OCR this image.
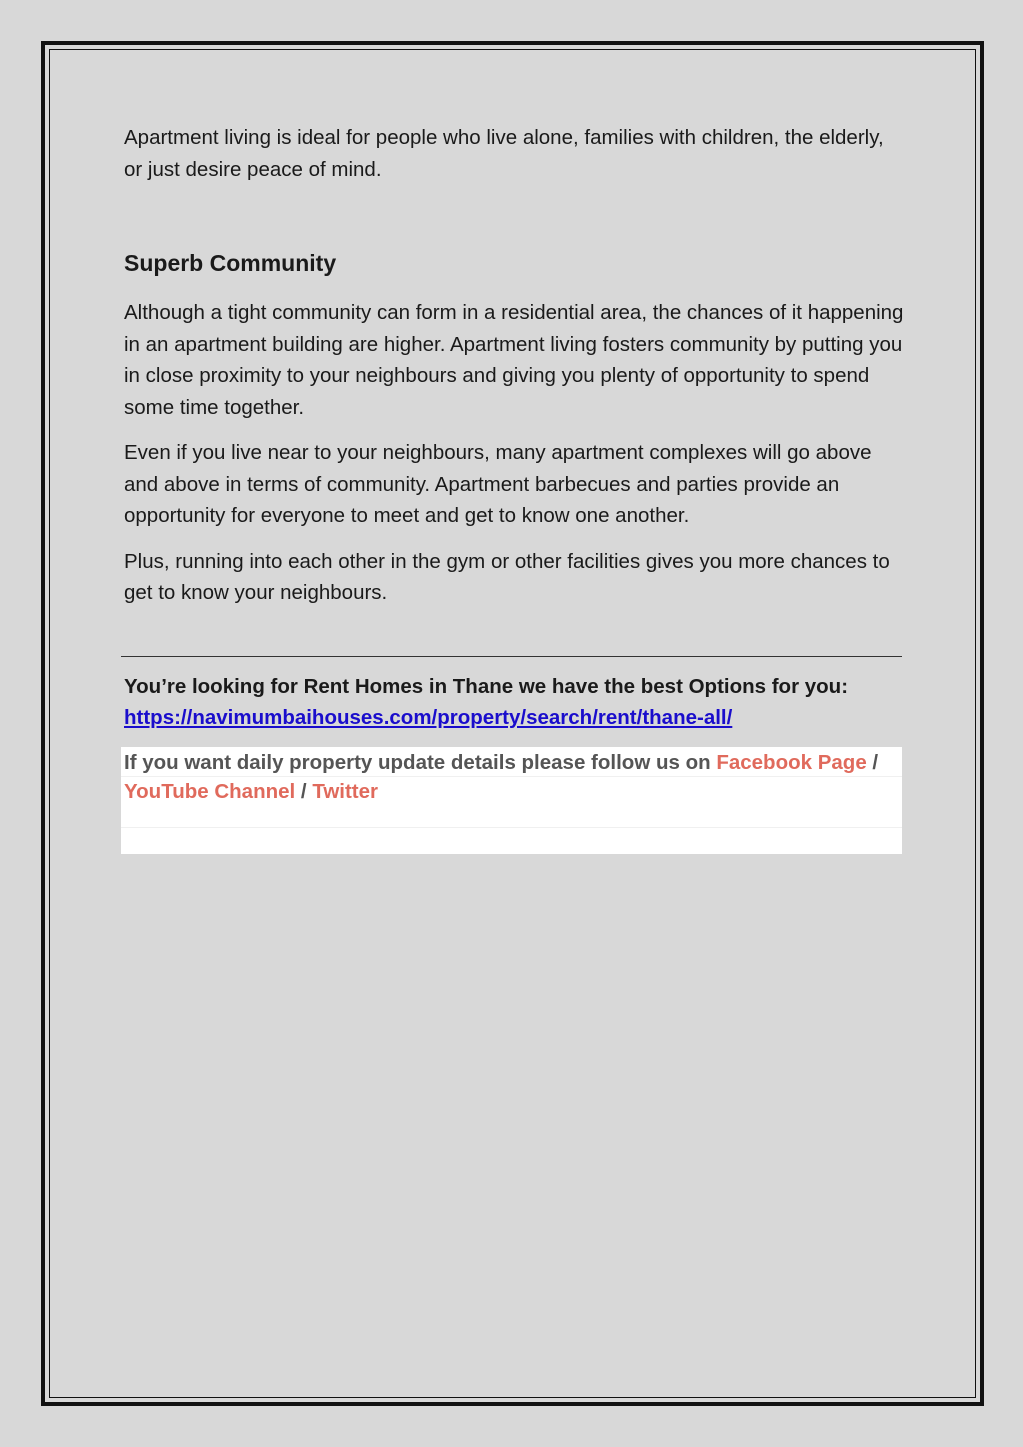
Apartment living is ideal for people who live alone, families with children, the elderly, or just desire peace of mind.

Superb Community

Although a tight community can form in a residential area, the chances of it happening in an apartment building are higher. Apartment living fosters community by putting you in close proximity to your neighbours and giving you plenty of opportunity to spend some time together.

Even if you live near to your neighbours, many apartment complexes will go above and above in terms of community. Apartment barbecues and parties provide an opportunity for everyone to meet and get to know one another.

Plus, running into each other in the gym or other facilities gives you more chances to get to know your neighbours.

You’re looking for Rent Homes in Thane we have the best Options for you:
https://navimumbaihouses.com/property/search/rent/thane-all/
If you want daily property update details please follow us on Facebook Page / YouTube Channel / Twitter
